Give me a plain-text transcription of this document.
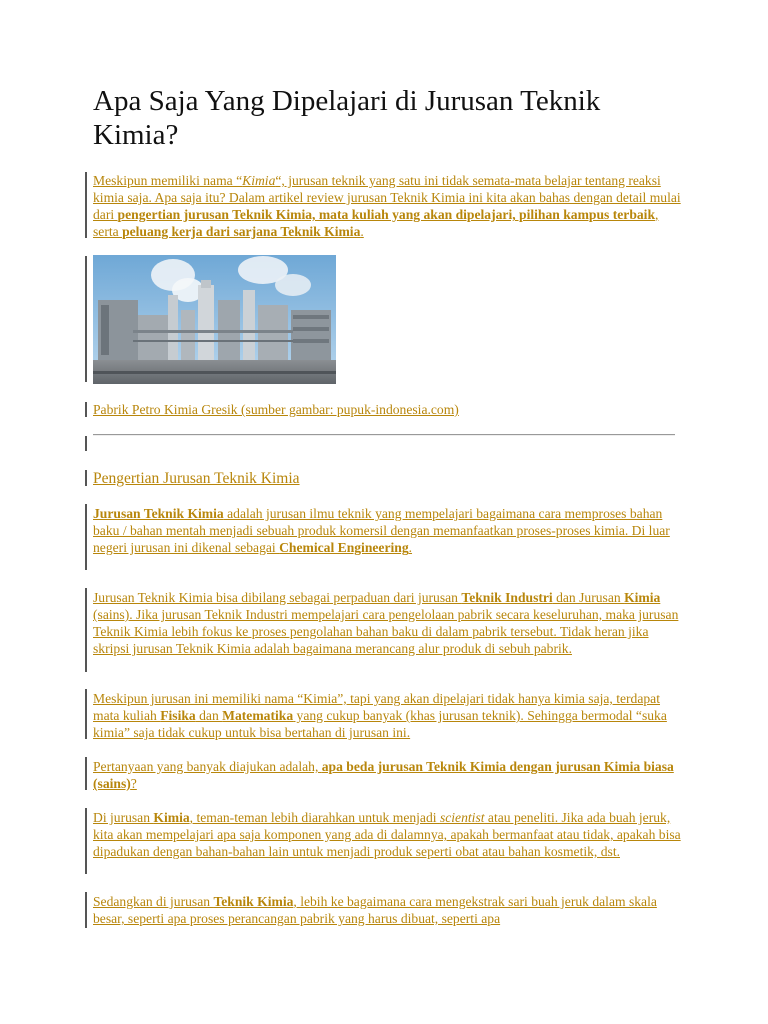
Apa Saja Yang Dipelajari di Jurusan Teknik Kimia?

Meskipun memiliki nama “Kimia“, jurusan teknik yang satu ini tidak semata-mata belajar tentang reaksi kimia saja. Apa saja itu? Dalam artikel review jurusan Teknik Kimia ini kita akan bahas dengan detail mulai dari pengertian jurusan Teknik Kimia, mata kuliah yang akan dipelajari, pilihan kampus terbaik, serta peluang kerja dari sarjana Teknik Kimia.

Pabrik Petro Kimia Gresik (sumber gambar: pupuk-indonesia.com)
Pengertian Jurusan Teknik Kimia

Jurusan Teknik Kimia adalah jurusan ilmu teknik yang mempelajari bagaimana cara memproses bahan baku / bahan mentah menjadi sebuah produk komersil dengan memanfaatkan proses-proses kimia. Di luar negeri jurusan ini dikenal sebagai Chemical Engineering.

Jurusan Teknik Kimia bisa dibilang sebagai perpaduan dari jurusan Teknik Industri dan Jurusan Kimia (sains). Jika jurusan Teknik Industri mempelajari cara pengelolaan pabrik secara keseluruhan, maka jurusan Teknik Kimia lebih fokus ke proses pengolahan bahan baku di dalam pabrik tersebut. Tidak heran jika skripsi jurusan Teknik Kimia adalah bagaimana merancang alur produk di sebuh pabrik.

Meskipun jurusan ini memiliki nama “Kimia”, tapi yang akan dipelajari tidak hanya kimia saja, terdapat mata kuliah Fisika dan Matematika yang cukup banyak (khas jurusan teknik). Sehingga bermodal “suka kimia” saja tidak cukup untuk bisa bertahan di jurusan ini.

Pertanyaan yang banyak diajukan adalah, apa beda jurusan Teknik Kimia dengan jurusan Kimia biasa (sains)?

Di jurusan Kimia, teman-teman lebih diarahkan untuk menjadi scientist atau peneliti. Jika ada buah jeruk, kita akan mempelajari apa saja komponen yang ada di dalamnya, apakah bermanfaat atau tidak, apakah bisa dipadukan dengan bahan-bahan lain untuk menjadi produk seperti obat atau bahan kosmetik, dst.

Sedangkan di jurusan Teknik Kimia, lebih ke bagaimana cara mengekstrak sari buah jeruk dalam skala besar, seperti apa proses perancangan pabrik yang harus dibuat, seperti apa
